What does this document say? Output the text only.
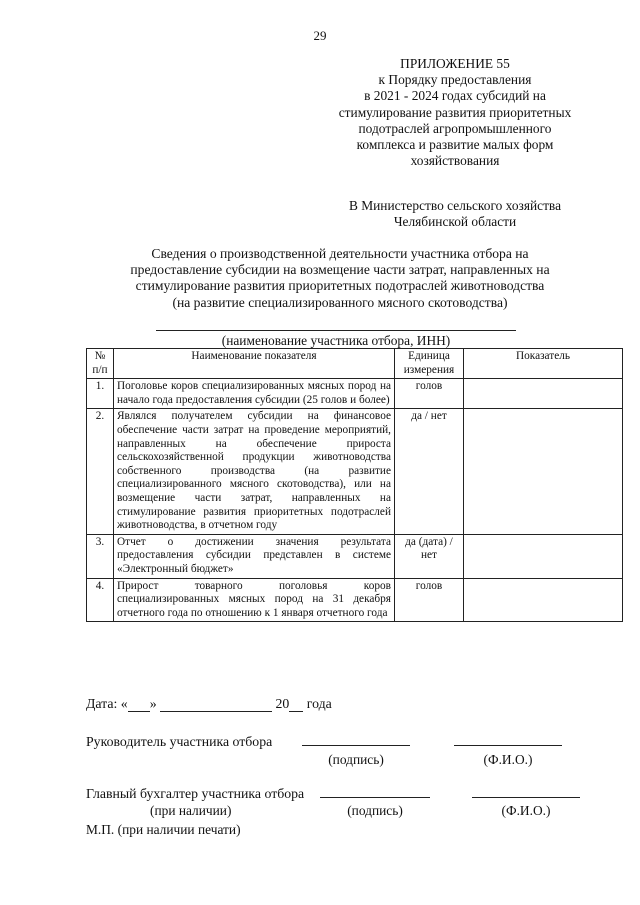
29
ПРИЛОЖЕНИЕ 55
к Порядку предоставления
в 2021 - 2024 годах субсидий на
стимулирование развития приоритетных
подотраслей агропромышленного
комплекса и развитие малых форм
хозяйствования
В Министерство сельского хозяйства
Челябинской области
Сведения о производственной деятельности участника отбора на
предоставление субсидии на возмещение части затрат, направленных на
стимулирование развития приоритетных подотраслей животноводства
(на развитие специализированного мясного скотоводства)
(наименование участника отбора, ИНН)
№ п/п	Наименование показателя	Единица измерения	Показатель
1.	Поголовье коров специализированных мясных пород на начало года предоставления субсидии (25 голов и более)	голов	
2.	Являлся получателем субсидии на финансовое обеспечение части затрат на проведение мероприятий, направленных на обеспечение прироста сельскохозяйственной продукции животноводства собственного производства (на развитие специализированного мясного скотоводства), или на возмещение части затрат, направленных на стимулирование развития приоритетных подотраслей животноводства, в отчетном году	да / нет	
3.	Отчет о достижении значения результата предоставления субсидии представлен в системе «Электронный бюджет»	да (дата) / нет	
4.	Прирост товарного поголовья коров специализированных мясных пород на 31 декабря отчетного года по отношению к 1 января отчетного года	голов	
Дата: « »	20 года
Руководитель участника отбора
(подпись)	(Ф.И.О.)
Главный бухгалтер участника отбора
(при наличии)	(подпись)	(Ф.И.О.)
М.П. (при наличии печати)
